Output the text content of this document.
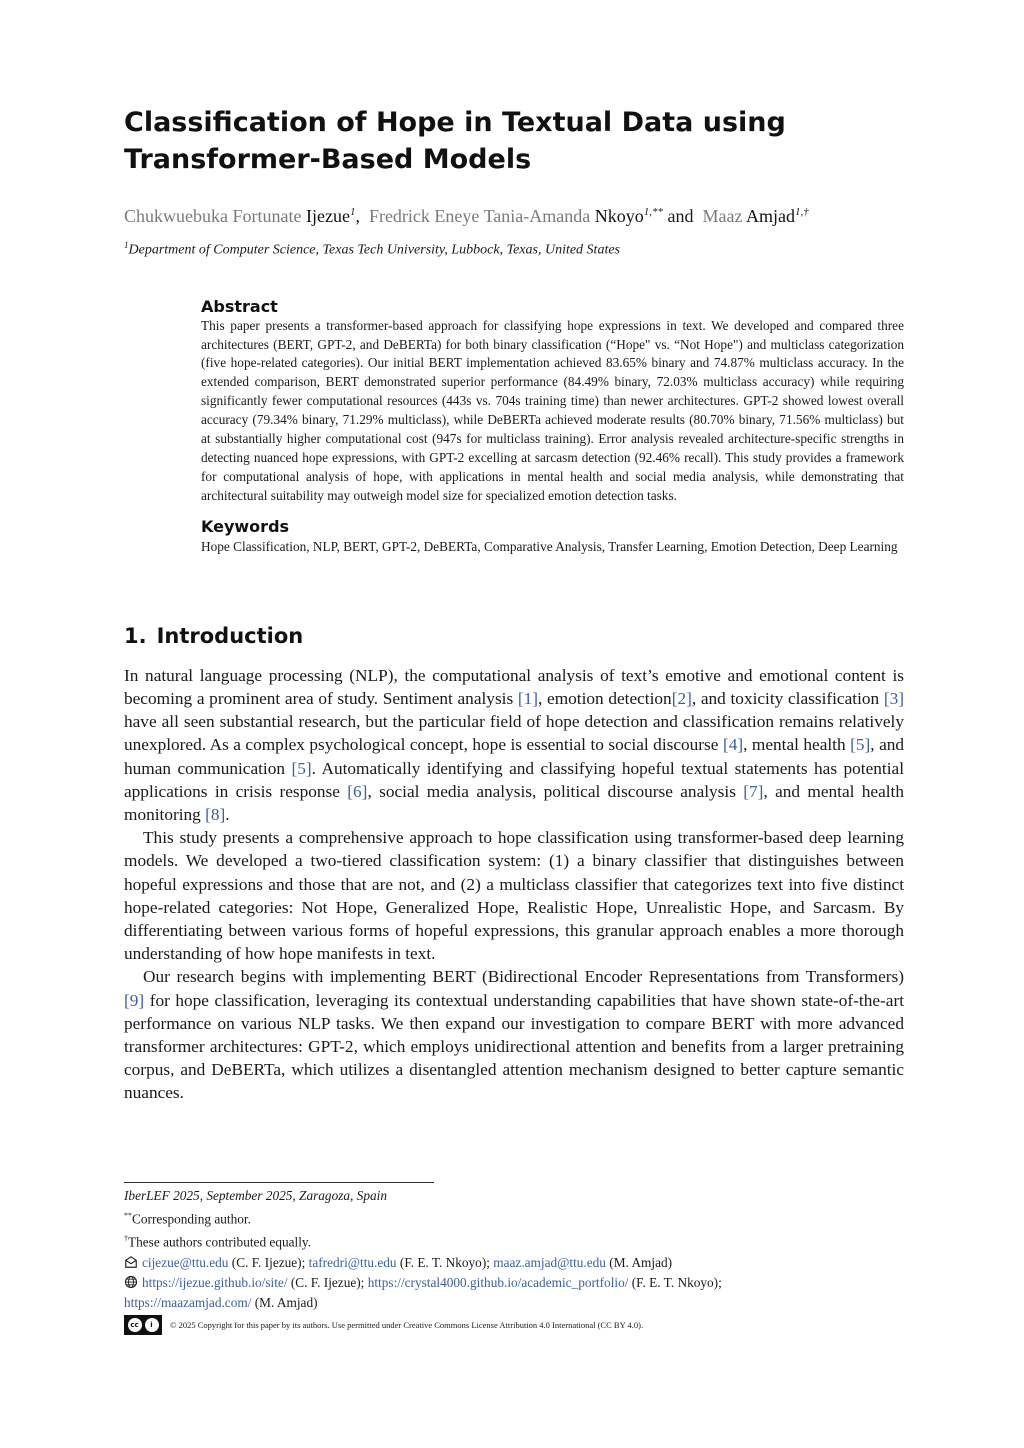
Classification of Hope in Textual Data using
Transformer-Based Models
Chukwuebuka Fortunate Ijezue$^1$, Fredrick Eneye Tania-Amanda Nkoyo$^{1,**}$ and Maaz Amjad$^{1,\dagger}$
$^1$Department of Computer Science, Texas Tech University, Lubbock, Texas, United States
Abstract
This paper presents a transformer-based approach for classifying hope expressions in text. We developed and compared three architectures (BERT, GPT-2, and DeBERTa) for both binary classification (“Hope" vs. “Not Hope") and multiclass categorization (five hope-related categories). Our initial BERT implementation achieved 83.65% binary and 74.87% multiclass accuracy. In the extended comparison, BERT demonstrated superior performance (84.49% binary, 72.03% multiclass accuracy) while requiring significantly fewer computational resources (443s vs. 704s training time) than newer architectures. GPT-2 showed lowest overall accuracy (79.34% binary, 71.29% multiclass), while DeBERTa achieved moderate results (80.70% binary, 71.56% multiclass) but at substantially higher computational cost (947s for multiclass training). Error analysis revealed architecture-specific strengths in detecting nuanced hope expressions, with GPT-2 excelling at sarcasm detection (92.46% recall). This study provides a framework for computational analysis of hope, with applications in mental health and social media analysis, while demonstrating that architectural suitability may outweigh model size for specialized emotion detection tasks.
Keywords
Hope Classification, NLP, BERT, GPT-2, DeBERTa, Comparative Analysis, Transfer Learning, Emotion Detection, Deep Learning
1. Introduction

In natural language processing (NLP), the computational analysis of text’s emotive and emotional content is becoming a prominent area of study. Sentiment analysis [1], emotion detection[2], and toxicity classification [3] have all seen substantial research, but the particular field of hope detection and classification remains relatively unexplored. As a complex psychological concept, hope is essential to social discourse [4], mental health [5], and human communication [5]. Automatically identifying and classifying hopeful textual statements has potential applications in crisis response [6], social media analysis, political discourse analysis [7], and mental health monitoring [8].

This study presents a comprehensive approach to hope classification using transformer-based deep learning models. We developed a two-tiered classification system: (1) a binary classifier that distinguishes between hopeful expressions and those that are not, and (2) a multiclass classifier that categorizes text into five distinct hope-related categories: Not Hope, Generalized Hope, Realistic Hope, Unrealistic Hope, and Sarcasm. By differentiating between various forms of hopeful expressions, this granular approach enables a more thorough understanding of how hope manifests in text.

Our research begins with implementing BERT (Bidirectional Encoder Representations from Transformers) [9] for hope classification, leveraging its contextual understanding capabilities that have shown state-of-the-art performance on various NLP tasks. We then expand our investigation to compare BERT with more advanced transformer architectures: GPT-2, which employs unidirectional attention and benefits from a larger pretraining corpus, and DeBERTa, which utilizes a disentangled attention mechanism designed to better capture semantic nuances.

IberLEF 2025, September 2025, Zaragoza, Spain
**Corresponding author.
†These authors contributed equally.
cijezue@ttu.edu (C. F. Ijezue); tafredri@ttu.edu (F. E. T. Nkoyo); maaz.amjad@ttu.edu (M. Amjad)
https://ijezue.github.io/site/ (C. F. Ijezue); https://crystal4000.github.io/academic_portfolio/ (F. E. T. Nkoyo);
https://maazamjad.com/ (M. Amjad)
cc	i	© 2025 Copyright for this paper by its authors. Use permitted under Creative Commons License Attribution 4.0 International (CC BY 4.0).
